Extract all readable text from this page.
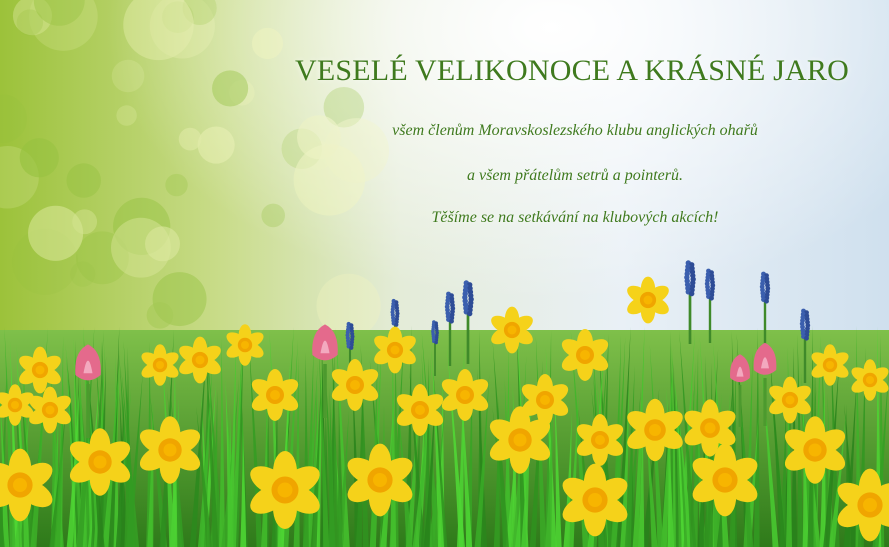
VESELÉ VELIKONOCE A KRÁSNÉ JARO
všem členům Moravskoslezského klubu anglických ohařů
a všem přátelům setrů a pointerů.
Těšíme se na setkávání na klubových akcích!
